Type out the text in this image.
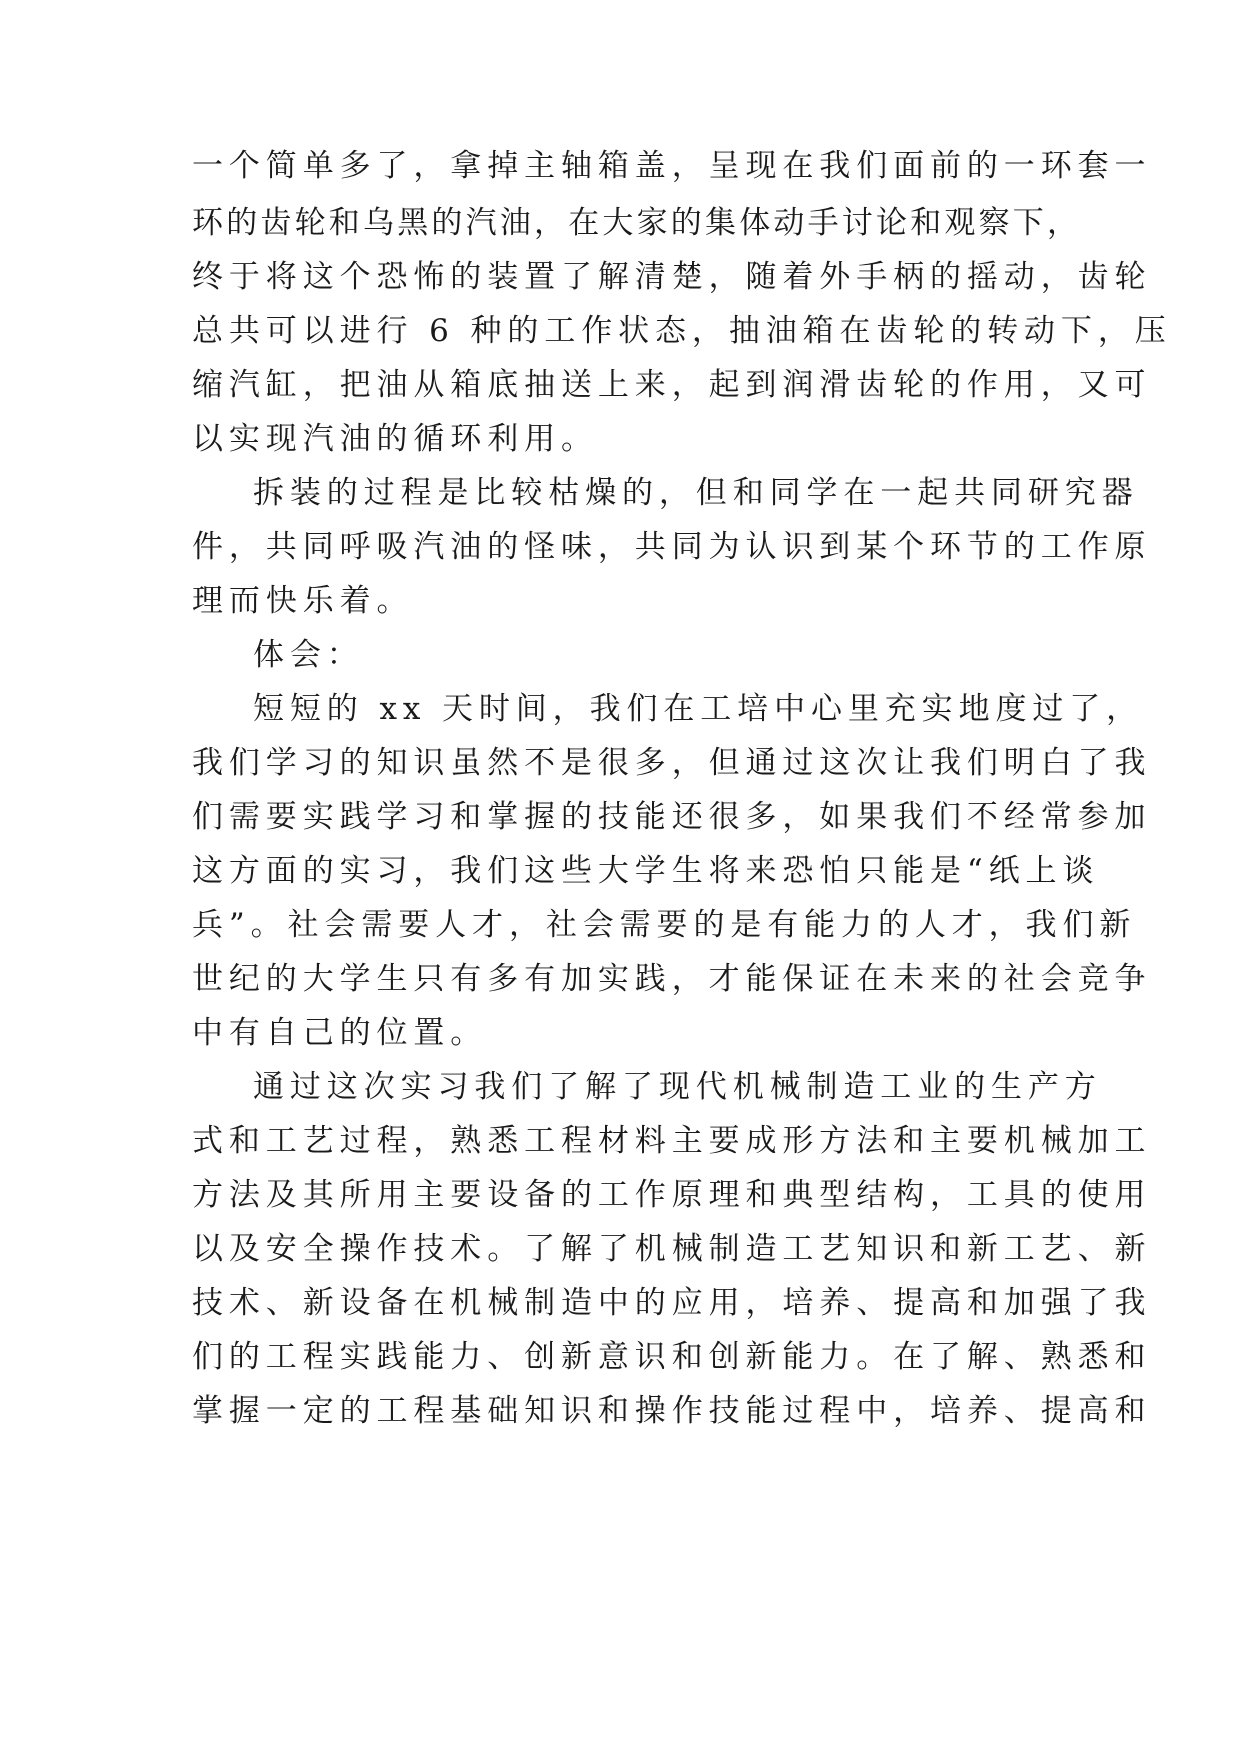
一个简单多了，拿掉主轴箱盖，呈现在我们面前的一环套一

环的齿轮和乌黑的汽油，在大家的集体动手讨论和观察下，

终于将这个恐怖的装置了解清楚，随着外手柄的摇动，齿轮

总共可以进行 6 种的工作状态，抽油箱在齿轮的转动下，压

缩汽缸，把油从箱底抽送上来，起到润滑齿轮的作用，又可

以实现汽油的循环利用。

拆装的过程是比较枯燥的，但和同学在一起共同研究器

件，共同呼吸汽油的怪味，共同为认识到某个环节的工作原

理而快乐着。

体会：

短短的 xx 天时间，我们在工培中心里充实地度过了，

我们学习的知识虽然不是很多，但通过这次让我们明白了我

们需要实践学习和掌握的技能还很多，如果我们不经常参加

这方面的实习，我们这些大学生将来恐怕只能是“纸上谈

兵”。社会需要人才，社会需要的是有能力的人才，我们新

世纪的大学生只有多有加实践，才能保证在未来的社会竞争

中有自己的位置。

通过这次实习我们了解了现代机械制造工业的生产方

式和工艺过程，熟悉工程材料主要成形方法和主要机械加工

方法及其所用主要设备的工作原理和典型结构，工具的使用

以及安全操作技术。了解了机械制造工艺知识和新工艺、新

技术、新设备在机械制造中的应用，培养、提高和加强了我

们的工程实践能力、创新意识和创新能力。在了解、熟悉和

掌握一定的工程基础知识和操作技能过程中，培养、提高和
